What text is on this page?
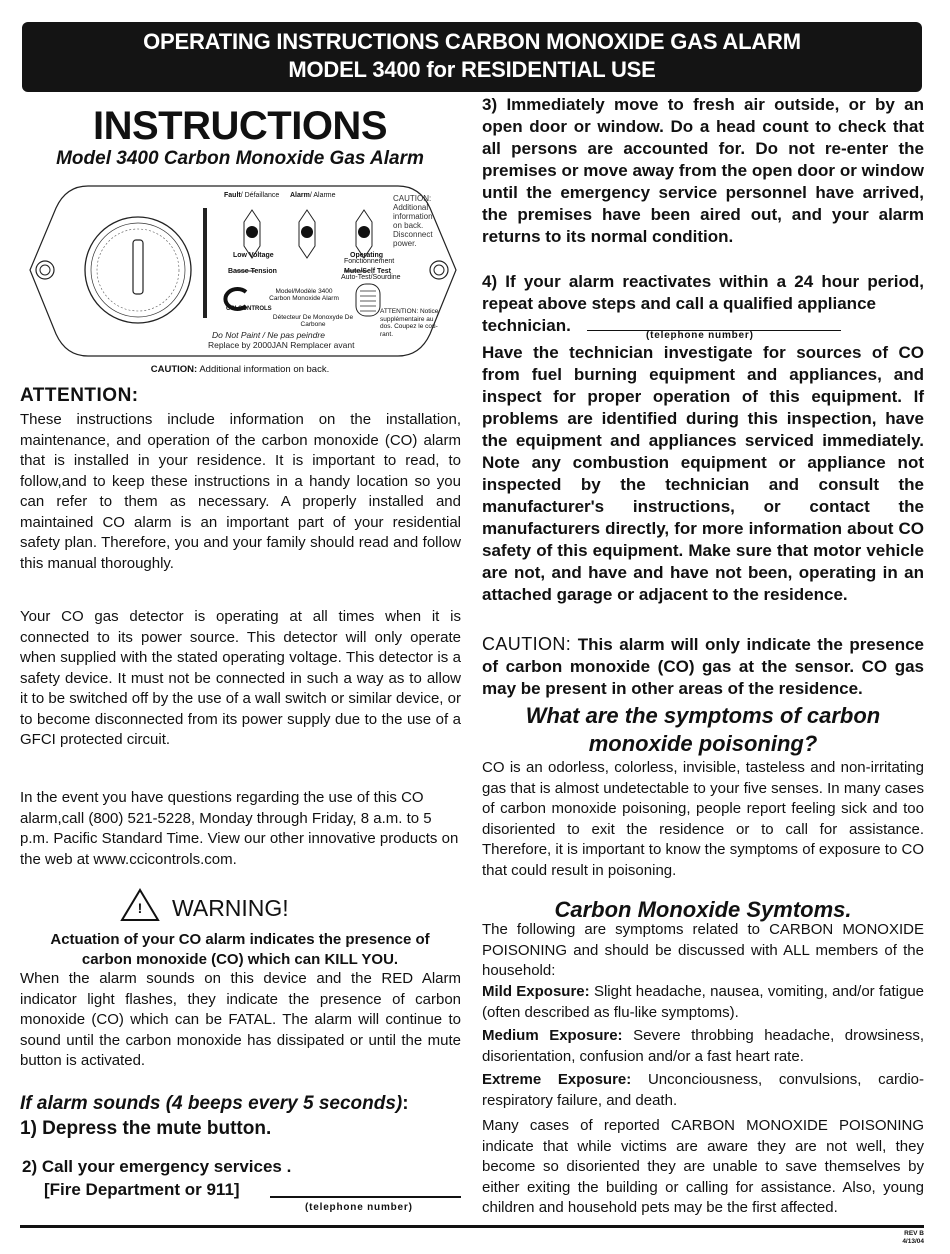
OPERATING INSTRUCTIONS CARBON MONOXIDE GAS ALARM
MODEL 3400 for RESIDENTIAL USE
INSTRUCTIONS
Model 3400 Carbon Monoxide Gas Alarm
Fault/ Défaillance Alarm/ Alarme
Low Voltage
Basse Tension
Operating
Fonctionnement
Mute/Self Test
Auto-Test/Sourdine
CAUTION:
Additional
information
on back.
Disconnect
power.
CCI CONTROLS
Model/Modèle 3400
Carbon Monoxide Alarm
Détecteur De Monoxyde De
Carbone
ATTENTION: Notice
supplémentaire au
dos. Coupez le cou-
rant.
Do Not Paint / Ne pas peindre
Replace by 2000JAN Remplacer avant
CAUTION: Additional information on back.
ATTENTION:
These instructions include information on the installation, maintenance, and operation of the carbon monoxide (CO) alarm that is installed in your residence. It is important to read, to follow,and to keep these instructions in a handy location so you can refer to them as necessary. A properly installed and maintained CO alarm is an important part of your residential safety plan. Therefore, you and your family should read and follow this manual thoroughly.
Your CO gas detector is operating at all times when it is connected to its power source. This detector will only operate when supplied with the stated operating voltage. This detector is a safety device. It must not be connected in such a way as to allow it to be switched off by the use of a wall switch or similar device, or to become disconnected from its power supply due to the use of a GFCI protected circuit.
In the event you have questions regarding the use of this CO alarm,call (800) 521-5228, Monday through Friday, 8 a.m. to 5 p.m. Pacific Standard Time. View our other innovative products on the web at www.ccicontrols.com.
! WARNING!
Actuation of your CO alarm indicates the presence of
carbon monoxide (CO) which can KILL YOU.
When the alarm sounds on this device and the RED Alarm indicator light flashes, they indicate the presence of carbon monoxide (CO) which can be FATAL. The alarm will continue to sound until the carbon monoxide has dissipated or until the mute button is activated.
If alarm sounds (4 beeps every 5 seconds):
1) Depress the mute button.
2) Call your emergency services .
[Fire Department or 911]
(telephone number)
3) Immediately move to fresh air outside, or by an open door or window. Do a head count to check that all persons are accounted for. Do not re-enter the premises or move away from the open door or window until the emergency service personnel have arrived, the premises have been aired out, and your alarm returns to its normal condition.
4) If your alarm reactivates within a 24 hour period, repeat above steps and call a qualified appliance
technician.
(telephone number)
Have the technician investigate for sources of CO from fuel burning equipment and appliances, and inspect for proper operation of this equipment. If problems are identified during this inspection, have the equipment and appliances serviced immediately. Note any combustion equipment or appliance not inspected by the technician and consult the manufacturer's instructions, or contact the manufacturers directly, for more information about CO safety of this equipment. Make sure that motor vehicle are not, and have and have not been, operating in an attached garage or adjacent to the residence.
CAUTION: This alarm will only indicate the presence of carbon monoxide (CO) gas at the sensor. CO gas may be present in other areas of the residence.
What are the symptoms of carbon
monoxide poisoning?
CO is an odorless, colorless, invisible, tasteless and non-irritating gas that is almost undetectable to your five senses. In many cases of carbon monoxide poisoning, people report feeling sick and too disoriented to exit the residence or to call for assistance. Therefore, it is important to know the symptoms of exposure to CO that could result in poisoning.
Carbon Monoxide Symtoms.
The following are symptoms related to CARBON MONOXIDE POISONING and should be discussed with ALL members of the household:
Mild Exposure: Slight headache, nausea, vomiting, and/or fatigue (often described as flu-like symptoms).
Medium Exposure: Severe throbbing headache, drowsiness, disorientation, confusion and/or a fast heart rate.
Extreme Exposure: Unconciousness, convulsions, cardio-respiratory failure, and death.
Many cases of reported CARBON MONOXIDE POISONING indicate that while victims are aware they are not well, they become so disoriented they are unable to save themselves by either exiting the building or calling for assistance. Also, young children and household pets may be the first affected.
REV B
4/13/04
